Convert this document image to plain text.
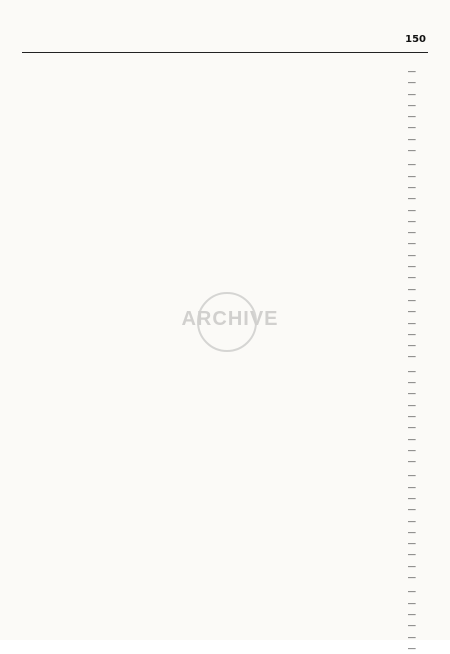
150
—
—
—
—
—
—
—
—
—
—
—
—
—
—
—
—
—
—
—
—
—
—
—
—
—
—
—
—
—
—
—
—
—
—
—
—
—
—
—
—
—
—
—
—
—
—
—
—
—
—
—
ARCHIVE
